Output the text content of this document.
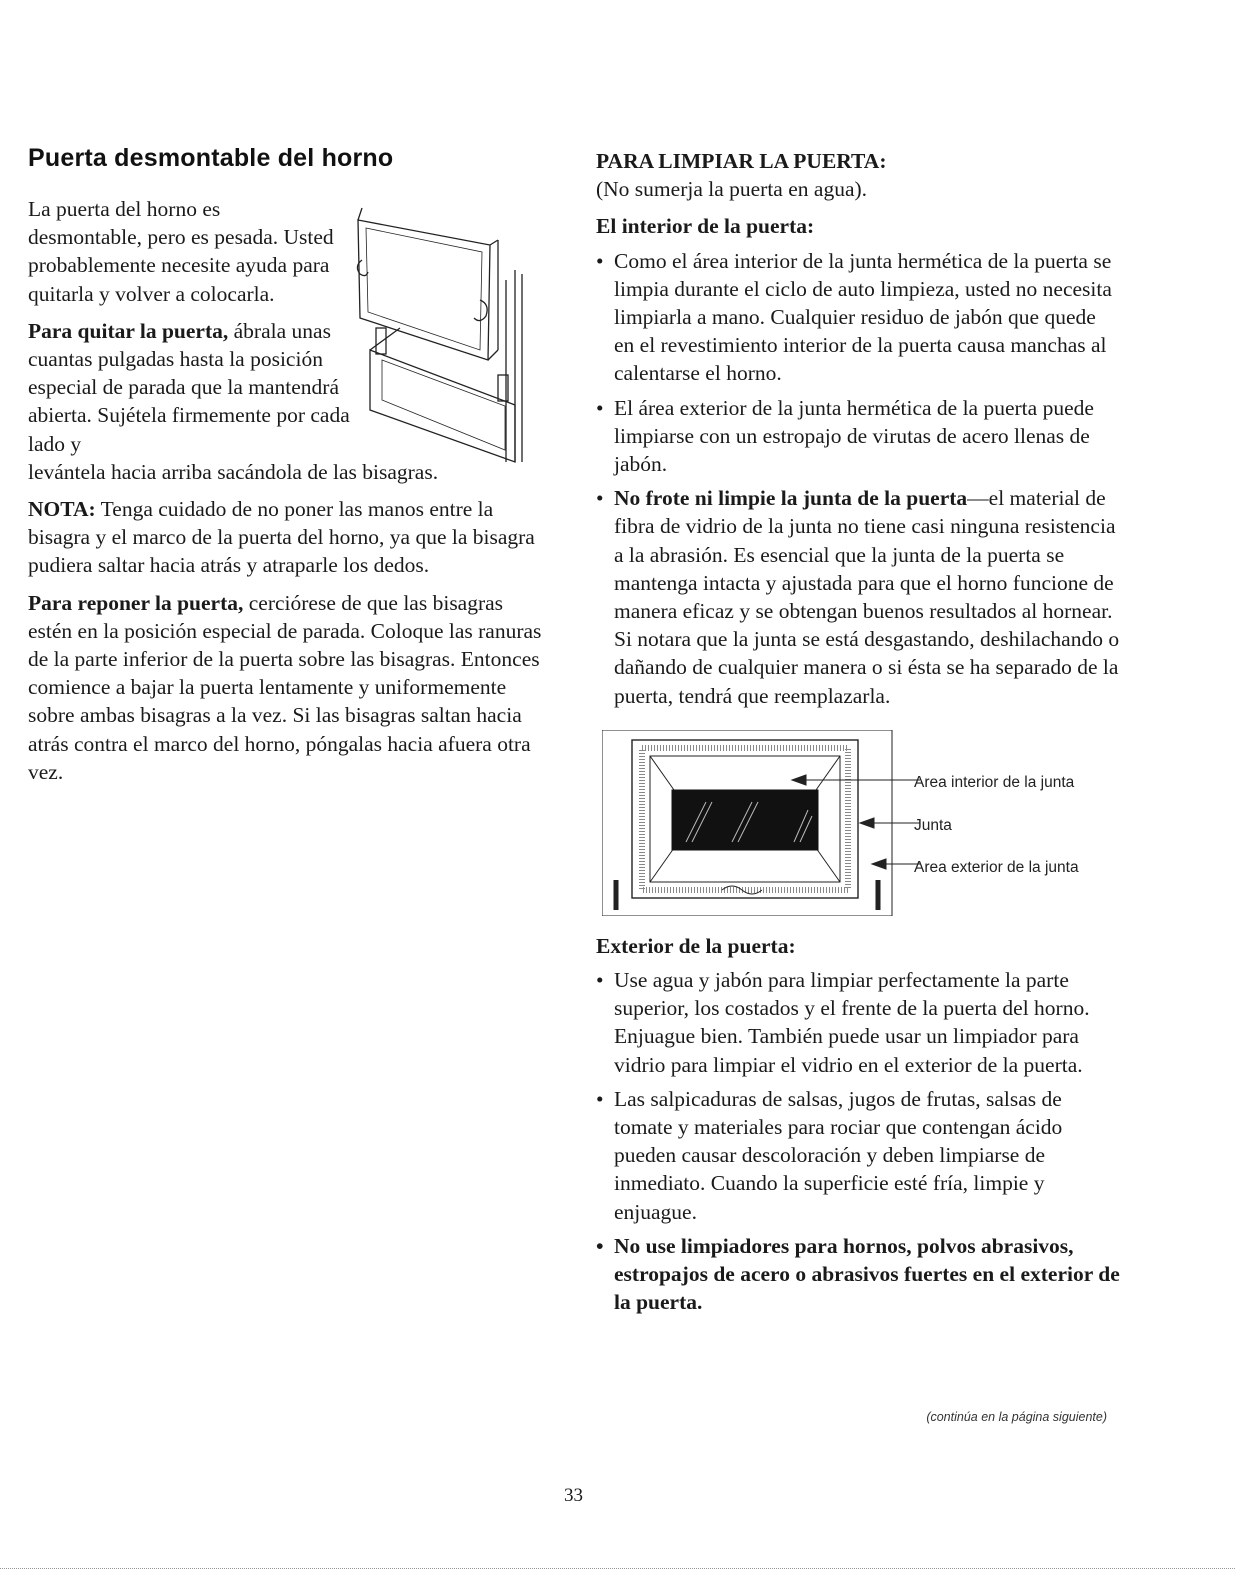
Puerta desmontable del horno

La puerta del horno es desmontable, pero es pesada. Usted probablemente necesite ayuda para quitarla y volver a colocarla.

Para quitar la puerta, ábrala unas cuantas pulgadas hasta la posición especial de parada que la mantendrá abierta. Sujétela firmemente por cada lado y
levántela hacia arriba sacándola de las bisagras.

NOTA: Tenga cuidado de no poner las manos entre la bisagra y el marco de la puerta del horno, ya que la bisagra pudiera saltar hacia atrás y atraparle los dedos.

Para reponer la puerta, cerciórese de que las bisagras estén en la posición especial de parada. Coloque las ranuras de la parte inferior de la puerta sobre las bisagras. Entonces comience a bajar la puerta lentamente y uniformemente sobre ambas bisagras a la vez. Si las bisagras saltan hacia atrás contra el marco del horno, póngalas hacia afuera otra vez.

PARA LIMPIAR LA PUERTA:

(No sumerja la puerta en agua).

El interior de la puerta:

• Como el área interior de la junta hermética de la puerta se limpia durante el ciclo de auto limpieza, usted no necesita limpiarla a mano. Cualquier residuo de jabón que quede en el revestimiento interior de la puerta causa manchas al calentarse el horno.
• El área exterior de la junta hermética de la puerta puede limpiarse con un estropajo de virutas de acero llenas de jabón.
• No frote ni limpie la junta de la puerta—el material de fibra de vidrio de la junta no tiene casi ninguna resistencia a la abrasión. Es esencial que la junta de la puerta se mantenga intacta y ajustada para que el horno funcione de manera eficaz y se obtengan buenos resultados al hornear. Si notara que la junta se está desgastando, deshilachando o dañando de cualquier manera o si ésta se ha separado de la puerta, tendrá que reemplazarla.
Area interior de la junta
Junta
Area exterior de la junta

Exterior de la puerta:

• Use agua y jabón para limpiar perfectamente la parte superior, los costados y el frente de la puerta del horno. Enjuague bien. También puede usar un limpiador para vidrio para limpiar el vidrio en el exterior de la puerta.
• Las salpicaduras de salsas, jugos de frutas, salsas de tomate y materiales para rociar que contengan ácido pueden causar descoloración y deben limpiarse de inmediato. Cuando la superficie esté fría, limpie y enjuague.
• No use limpiadores para hornos, polvos abrasivos, estropajos de acero o abrasivos fuertes en el exterior de la puerta.
(continúa en la página siguiente)
33
